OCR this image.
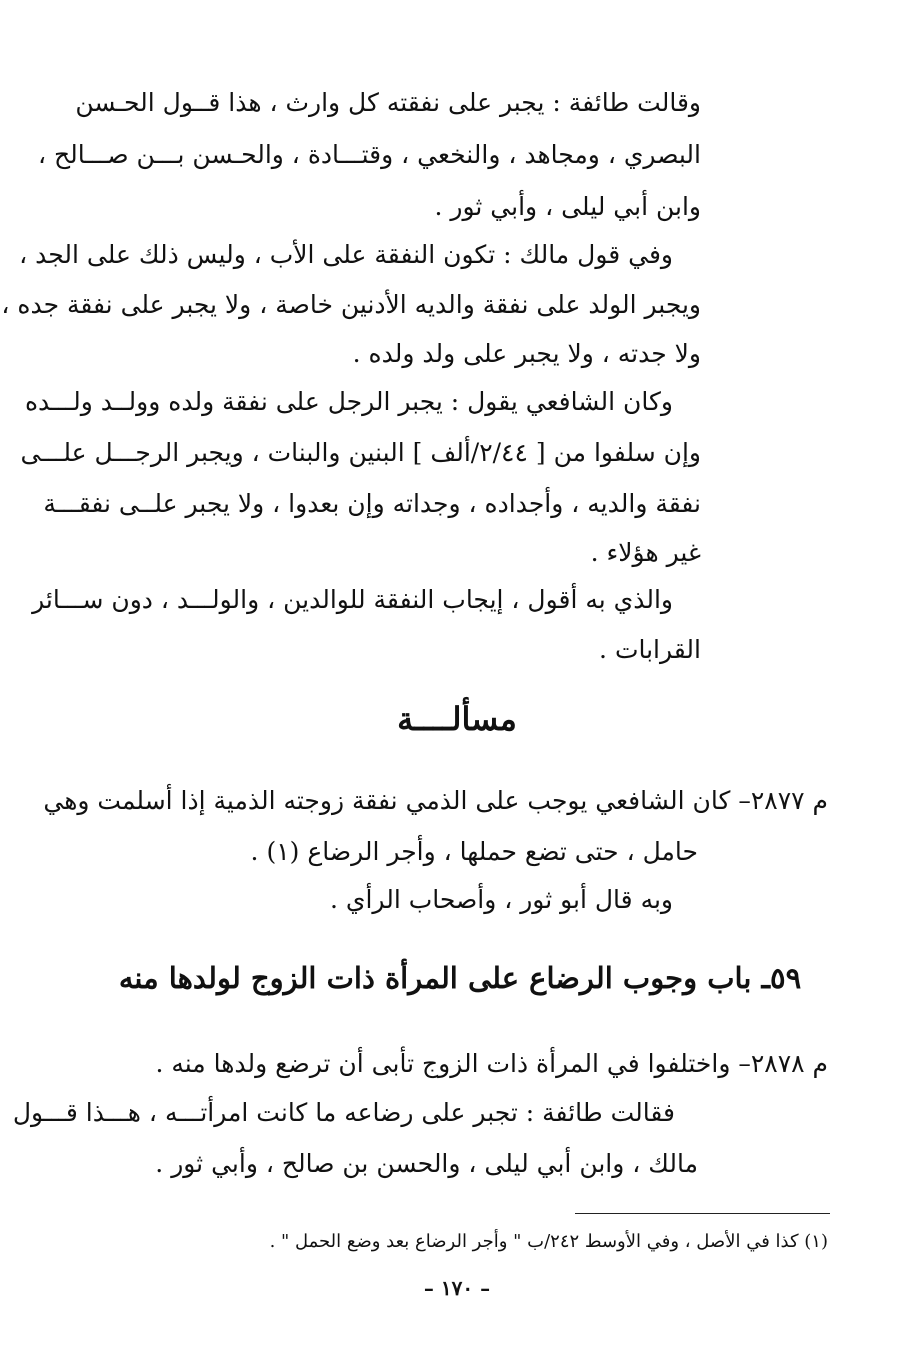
وقالت طائفة : يجبر على نفقته كل وارث ، هذا قــول الحـسن
البصري ، ومجاهد ، والنخعي ، وقتـــادة ، والحـسن بـــن صـــالح ،
وابن أبي ليلى ، وأبي ثور .
وفي قول مالك : تكون النفقة على الأب ، وليس ذلك على الجد ،
ويجبر الولد على نفقة والديه الأدنين خاصة ، ولا يجبر على نفقة جده ،
ولا جدته ، ولا يجبر على ولد ولده .
وكان الشافعي يقول : يجبر الرجل على نفقة ولده وولــد ولـــده
وإن سلفوا من [ ٢/٤٤/ألف ] البنين والبنات ، ويجبر الرجـــل علـــى
نفقة والديه ، وأجداده ، وجداته وإن بعدوا ، ولا يجبر علــى نفقـــة
غير هؤلاء .
والذي به أقول ، إيجاب النفقة للوالدين ، والولـــد ، دون ســـائر
القرابات .
مسألــــة
م ٢٨٧٧– كان الشافعي يوجب على الذمي نفقة زوجته الذمية إذا أسلمت وهي
حامل ، حتى تضع حملها ، وأجر الرضاع (١) .
وبه قال أبو ثور ، وأصحاب الرأي .
٥٩ـ باب وجوب الرضاع على المرأة ذات الزوج لولدها منه
م ٢٨٧٨– واختلفوا في المرأة ذات الزوج تأبى أن ترضع ولدها منه .
فقالت طائفة : تجبر على رضاعه ما كانت امرأتـــه ، هـــذا قـــول
مالك ، وابن أبي ليلى ، والحسن بن صالح ، وأبي ثور .
(١) كذا في الأصل ، وفي الأوسط ٢٤٢/ب " وأجر الرضاع بعد وضع الحمل " .
– ١٧٠ –
